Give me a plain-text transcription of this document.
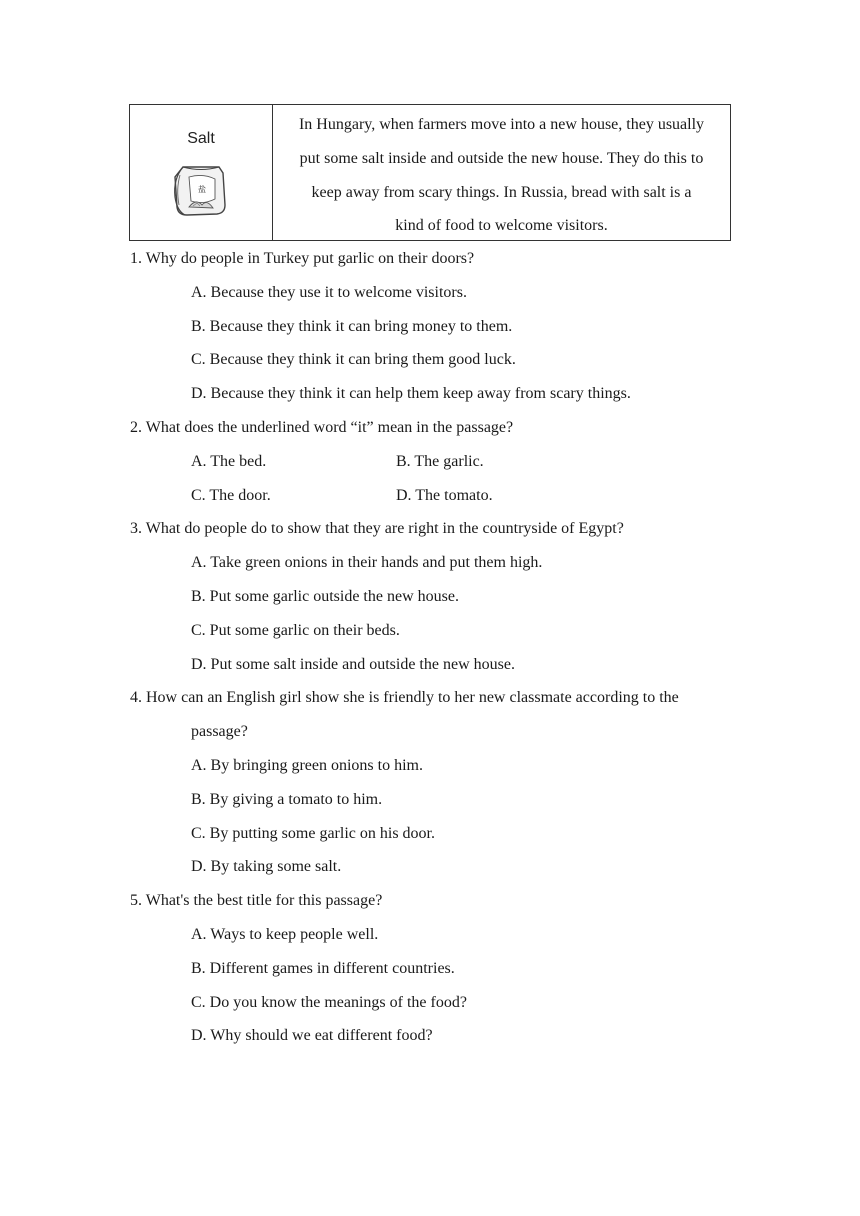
Salt
盐

In Hungary, when farmers move into a new house, they usually
put some salt inside and outside the new house. They do this to
keep away from scary things. In Russia, bread with salt is a
kind of food to welcome visitors.

1. Why do people in Turkey put garlic on their doors?
A. Because they use it to welcome visitors.
B. Because they think it can bring money to them.
C. Because they think it can bring them good luck.
D. Because they think it can help them keep away from scary things.
2. What does the underlined word “it” mean in the passage?
A. The bed.	B. The garlic.
C. The door.	D. The tomato.
3. What do people do to show that they are right in the countryside of Egypt?
A. Take green onions in their hands and put them high.
B. Put some garlic outside the new house.
C. Put some garlic on their beds.
D. Put some salt inside and outside the new house.
4. How can an English girl show she is friendly to her new classmate according to the
passage?
A. By bringing green onions to him.
B. By giving a tomato to him.
C. By putting some garlic on his door.
D. By taking some salt.
5. What's the best title for this passage?
A. Ways to keep people well.
B. Different games in different countries.
C. Do you know the meanings of the food?
D. Why should we eat different food?
